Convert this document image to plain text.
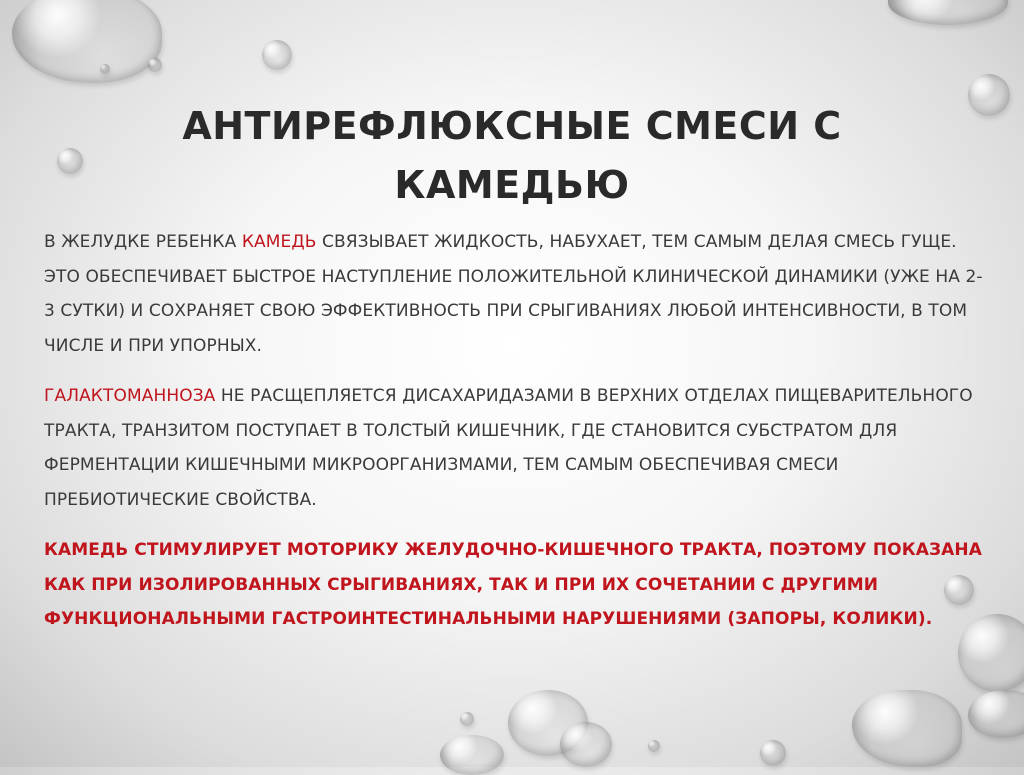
АНТИРЕФЛЮКСНЫЕ СМЕСИ С КАМЕДЬЮ

В ЖЕЛУДКЕ РЕБЕНКА КАМЕДЬ СВЯЗЫВАЕТ ЖИДКОСТЬ, НАБУХАЕТ, ТЕМ САМЫМ ДЕЛАЯ СМЕСЬ ГУЩЕ. ЭТО ОБЕСПЕЧИВАЕТ БЫСТРОЕ НАСТУПЛЕНИЕ ПОЛОЖИТЕЛЬНОЙ КЛИНИЧЕСКОЙ ДИНАМИКИ (УЖЕ НА 2-3 СУТКИ) И СОХРАНЯЕТ СВОЮ ЭФФЕКТИВНОСТЬ ПРИ СРЫГИВАНИЯХ ЛЮБОЙ ИНТЕНСИВНОСТИ, В ТОМ ЧИСЛЕ И ПРИ УПОРНЫХ.

ГАЛАКТОМАННОЗА НЕ РАСЩЕПЛЯЕТСЯ ДИСАХАРИДАЗАМИ В ВЕРХНИХ ОТДЕЛАХ ПИЩЕВАРИТЕЛЬНОГО ТРАКТА, ТРАНЗИТОМ ПОСТУПАЕТ В ТОЛСТЫЙ КИШЕЧНИК, ГДЕ СТАНОВИТСЯ СУБСТРАТОМ ДЛЯ ФЕРМЕНТАЦИИ КИШЕЧНЫМИ МИКРООРГАНИЗМАМИ, ТЕМ САМЫМ ОБЕСПЕЧИВАЯ СМЕСИ ПРЕБИОТИЧЕСКИЕ СВОЙСТВА.

КАМЕДЬ СТИМУЛИРУЕТ МОТОРИКУ ЖЕЛУДОЧНО-КИШЕЧНОГО ТРАКТА, ПОЭТОМУ ПОКАЗАНА КАК ПРИ ИЗОЛИРОВАННЫХ СРЫГИВАНИЯХ, ТАК И ПРИ ИХ СОЧЕТАНИИ С ДРУГИМИ ФУНКЦИОНАЛЬНЫМИ ГАСТРОИНТЕСТИНАЛЬНЫМИ НАРУШЕНИЯМИ (ЗАПОРЫ, КОЛИКИ).
